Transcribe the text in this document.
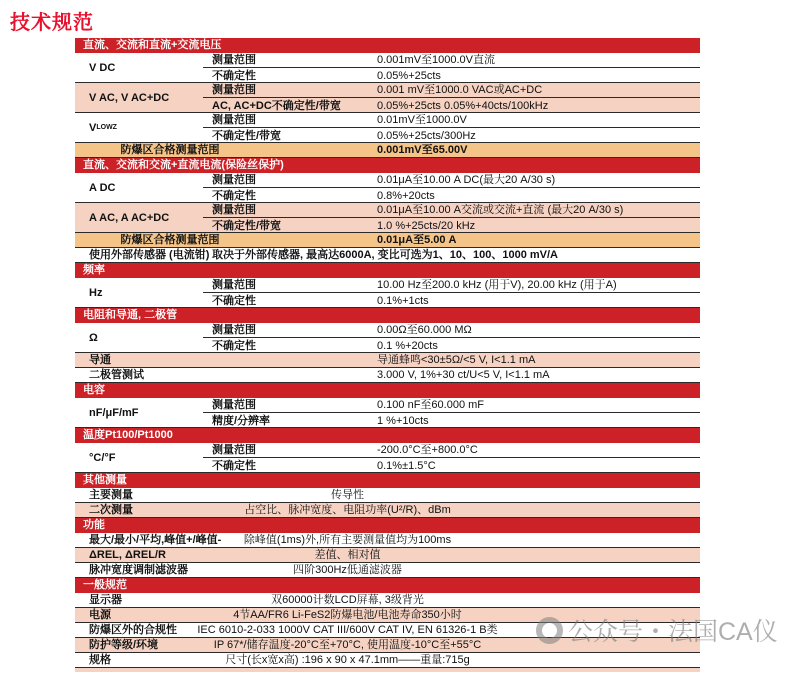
技术规范
直流、交流和直流+交流电压
V DC
测量范围	0.001mV至1000.0V直流
不确定性	0.05%+25cts
V AC, V AC+DC
测量范围	0.001 mV至1000.0 VAC或AC+DC
AC, AC+DC不确定性/带宽	0.05%+25cts 0.05%+40cts/100kHz
V LOWZ
测量范围	0.01mV至1000.0V
不确定性/带宽	0.05%+25cts/300Hz
防爆区合格测量范围	0.001mV至65.00V
直流、交流和交流+直流电流(保险丝保护)
A DC
测量范围	0.01μA至10.00 A DC(最大20 A/30 s)
不确定性	0.8%+20cts
A AC, A AC+DC
测量范围	0.01μA至10.00 A交流或交流+直流 (最大20 A/30 s)
不确定性/带宽	1.0 %+25cts/20 kHz
防爆区合格测量范围	0.01μA至5.00 A
使用外部传感器 (电流钳) 取决于外部传感器, 最高达6000A, 变比可选为1、10、100、1000 mV/A
频率
Hz
测量范围	10.00 Hz至200.0 kHz (用于V), 20.00 kHz (用于A)
不确定性	0.1%+1cts
电阻和导通, 二极管
Ω
测量范围	0.00Ω至60.000 MΩ
不确定性	0.1 %+20cts
导通	导通蜂鸣<30±5Ω/<5 V, I<1.1 mA
二极管测试	3.000 V, 1%+30 ct/U<5 V, I<1.1 mA
电容
nF/μF/mF
测量范围	0.100 nF至60.000 mF
精度/分辨率	1 %+10cts
温度Pt100/Pt1000
°C/°F
测量范围	-200.0°C至+800.0°C
不确定性	0.1%±1.5°C
其他测量
主要测量	传导性
二次测量	占空比、脉冲宽度、电阻功率(U²/R)、dBm
功能
最大/最小/平均,峰值+/峰值-	除峰值(1ms)外,所有主要测量值均为100ms
ΔREL, ΔREL/R	差值、相对值
脉冲宽度调制滤波器	四阶300Hz低通滤波器
一般规范
显示器	双60000计数LCD屏幕, 3级背光
电源	4节AA/FR6 Li-FeS2防爆电池/电池寿命350小时
防爆区外的合规性	IEC 6010-2-033 1000V CAT III/600V CAT IV, EN 61326-1 B类
防护等级/环境	IP 67*/储存温度-20°C至+70°C, 使用温度-10°C至+55°C
规格	尺寸(长x宽x高) :196 x 90 x 47.1mm——重量:715g
公众号・法国CA仪
